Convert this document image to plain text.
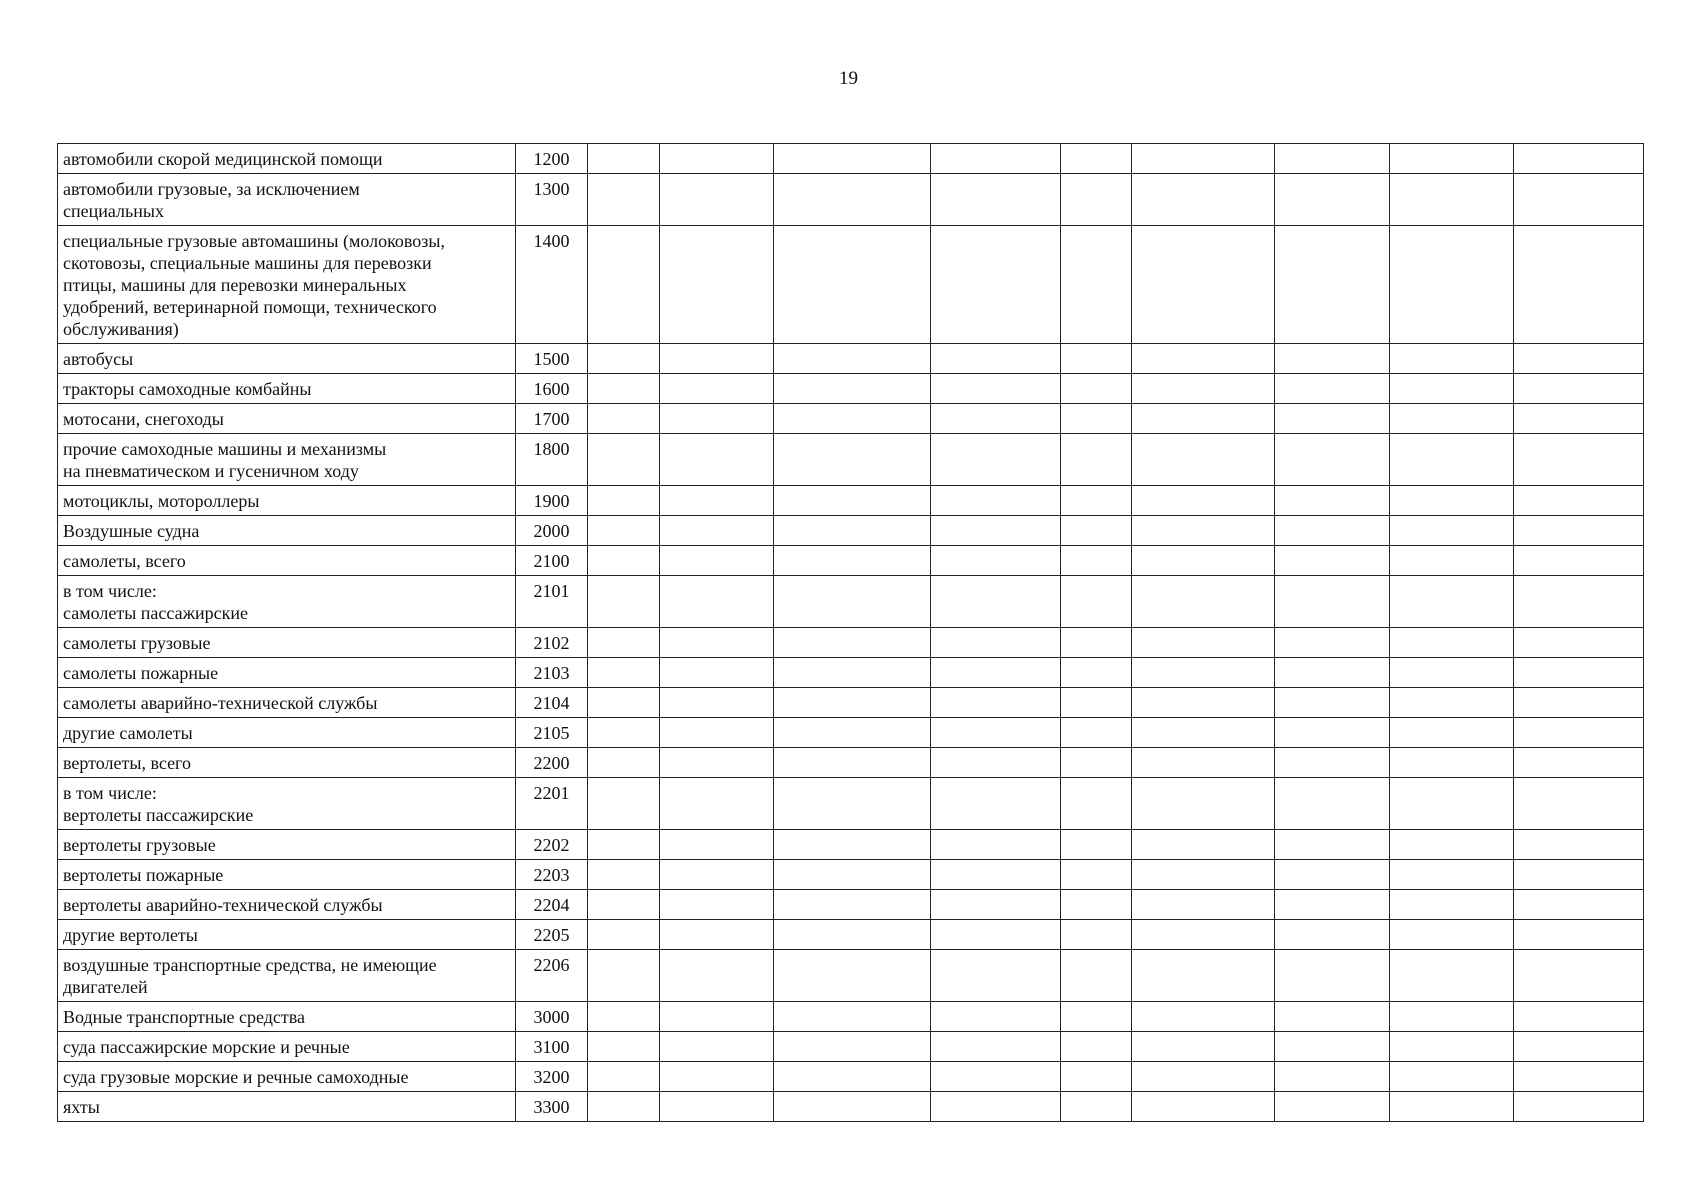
19
автомобили скорой медицинской помощи	1200										
автомобили грузовые, за исключением
специальных	1300										
специальные грузовые автомашины (молоковозы,
скотовозы, специальные машины для перевозки
птицы, машины для перевозки минеральных
удобрений, ветеринарной помощи, технического
обслуживания)	1400										
автобусы	1500										
тракторы самоходные комбайны	1600										
мотосани, снегоходы	1700										
прочие самоходные машины и механизмы
на пневматическом и гусеничном ходу	1800										
мотоциклы, мотороллеры	1900										
Воздушные судна	2000										
самолеты, всего	2100										
в том числе:
самолеты пассажирские	2101										
самолеты грузовые	2102										
самолеты пожарные	2103										
самолеты аварийно-технической службы	2104										
другие самолеты	2105										
вертолеты, всего	2200										
в том числе:
вертолеты пассажирские	2201										
вертолеты грузовые	2202										
вертолеты пожарные	2203										
вертолеты аварийно-технической службы	2204										
другие вертолеты	2205										
воздушные транспортные средства, не имеющие
двигателей	2206										
Водные транспортные средства	3000										
суда пассажирские морские и речные	3100										
суда грузовые морские и речные самоходные	3200										
яхты	3300										
